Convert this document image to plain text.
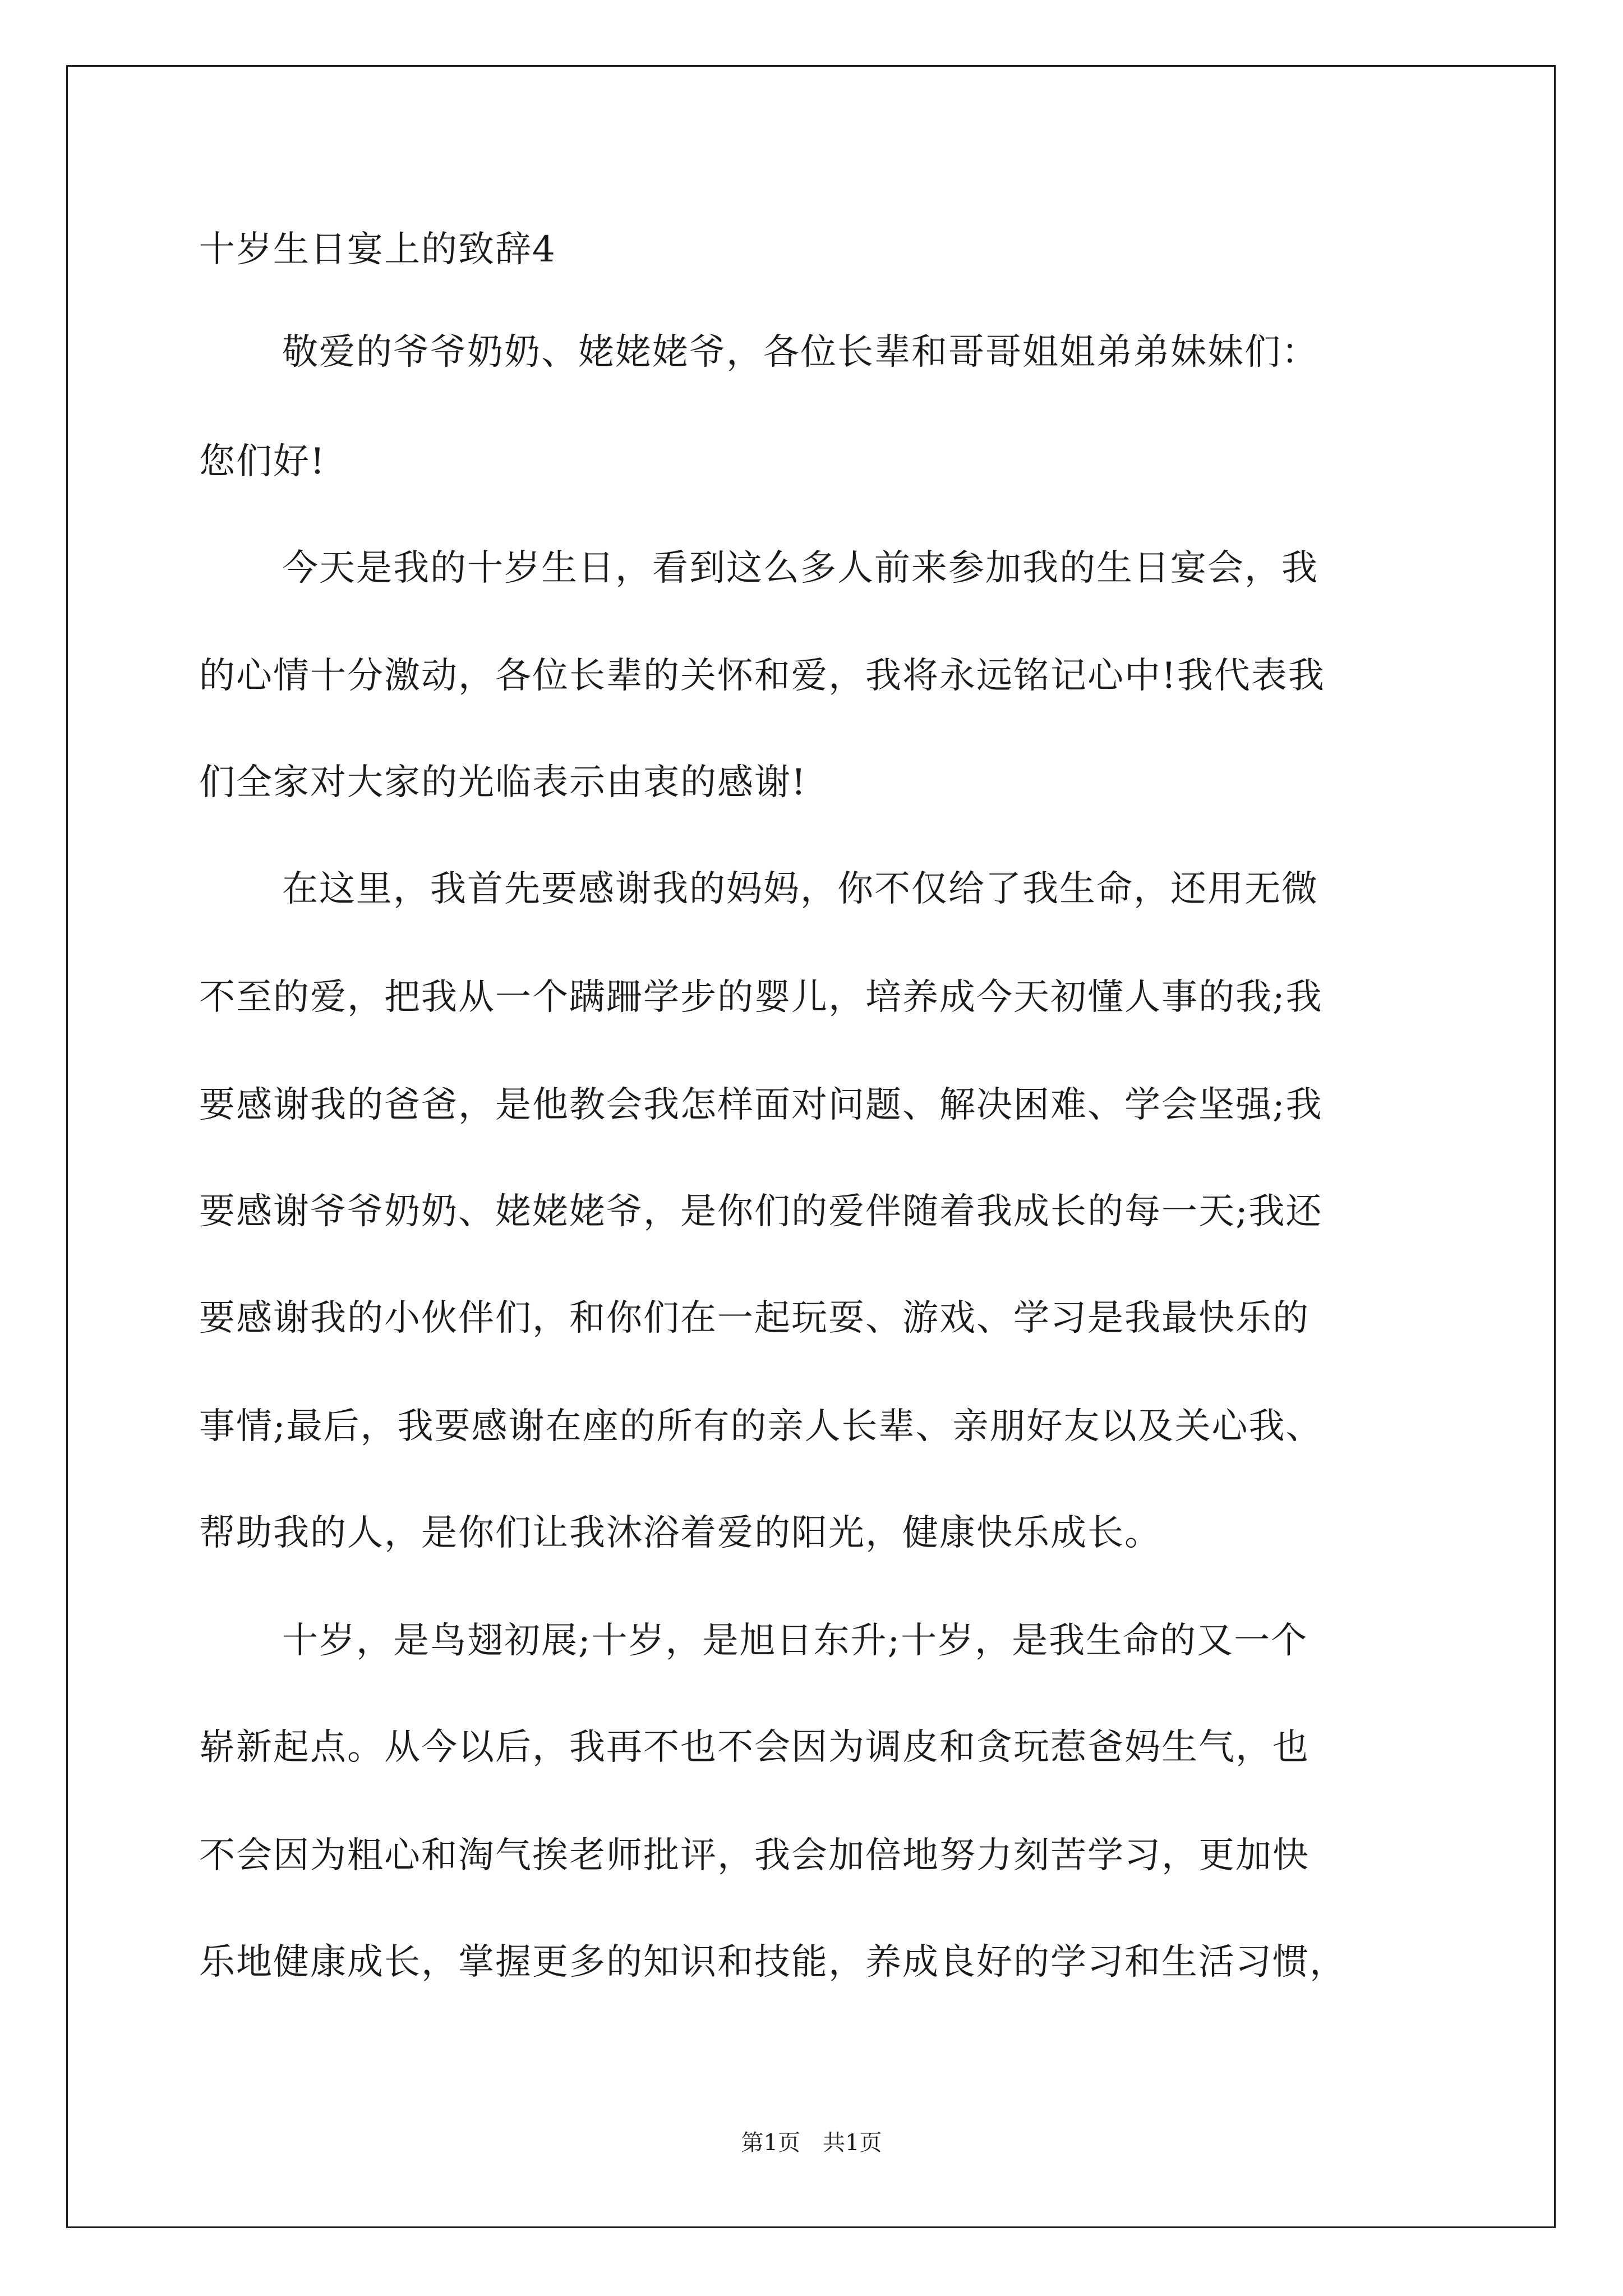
十岁生日宴上的致辞4
敬爱的爷爷奶奶、姥姥姥爷，各位长辈和哥哥姐姐弟弟妹妹们：
您们好!
今天是我的十岁生日，看到这么多人前来参加我的生日宴会，我
的心情十分激动，各位长辈的关怀和爱，我将永远铭记心中!我代表我
们全家对大家的光临表示由衷的感谢!
在这里，我首先要感谢我的妈妈，你不仅给了我生命，还用无微
不至的爱，把我从一个蹒跚学步的婴儿，培养成今天初懂人事的我;我
要感谢我的爸爸，是他教会我怎样面对问题、解决困难、学会坚强;我
要感谢爷爷奶奶、姥姥姥爷，是你们的爱伴随着我成长的每一天;我还
要感谢我的小伙伴们，和你们在一起玩耍、游戏、学习是我最快乐的
事情;最后，我要感谢在座的所有的亲人长辈、亲朋好友以及关心我、
帮助我的人，是你们让我沐浴着爱的阳光，健康快乐成长。
十岁，是鸟翅初展;十岁，是旭日东升;十岁，是我生命的又一个
崭新起点。从今以后，我再不也不会因为调皮和贪玩惹爸妈生气，也
不会因为粗心和淘气挨老师批评，我会加倍地努力刻苦学习，更加快
乐地健康成长，掌握更多的知识和技能，养成良好的学习和生活习惯，
第1页　共1页
